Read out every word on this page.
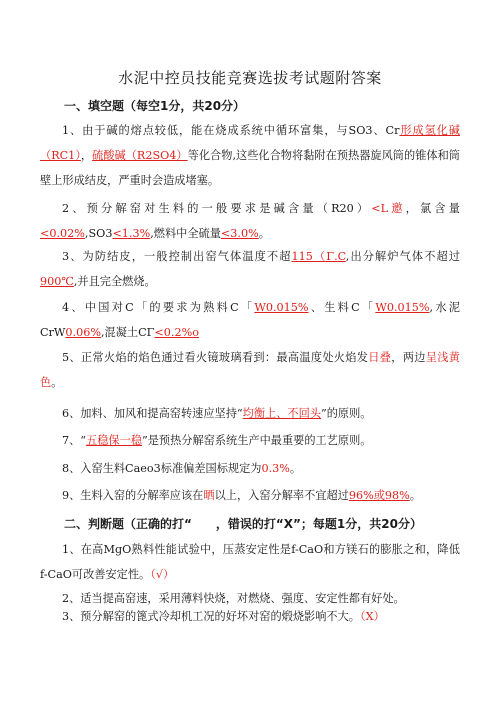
水泥中控员技能竞赛选拔考试题附答案
一、填空题（每空1分，共20分）
1、由于碱的熔点较低，能在烧成系统中循环富集，与SO3、Cr形成氢化碱（RC1），硫酸碱（R2SO4）等化合物,这些化合物将黏附在预热器旋风筒的锥体和筒壁上形成结皮，严重时会造成堵塞。
2、预分解窑对生料的一般要求是碱含量（R20）<L邀，氯含量<0.02%,SO3<1.3%,燃料中全硫量<3.0%。
3、为防结皮，一般控制出窑气体温度不超115（Γ.C,出分解炉气体不超过900℃,并且完全燃烧。
4、中国对C「的要求为熟料C「W0.015%、生料C「W0.015%,水泥CrW0.06%,混凝土CΓ<0.2%o
5、正常火焰的焰色通过看火镜玻璃看到：最高温度处火焰发日叠，两边呈浅黄色。
6、加料、加风和提高窑转速应坚持“均衡上、不回头”的原则。
7、“五稳保一稳”是预热分解窑系统生产中最重要的工艺原则。
8、入窑生料Caeo3标准偏差国标规定为0.3%。
9、生料入窑的分解率应该在晒以上，入窑分解率不宜超过96%或98%。
二、判断题（正确的打“　　，错误的打“X”；每题1分，共20分）
1、在高MgO熟料性能试验中，压蒸安定性是f-CaO和方镁石的膨胀之和，降低f-CaO可改善安定性。（√）
2、适当提高窑速，采用薄料快烧，对燃烧、强度、安定性都有好处。
3、预分解窑的篦式冷却机工况的好坏对窑的煅烧影响不大。（X）
